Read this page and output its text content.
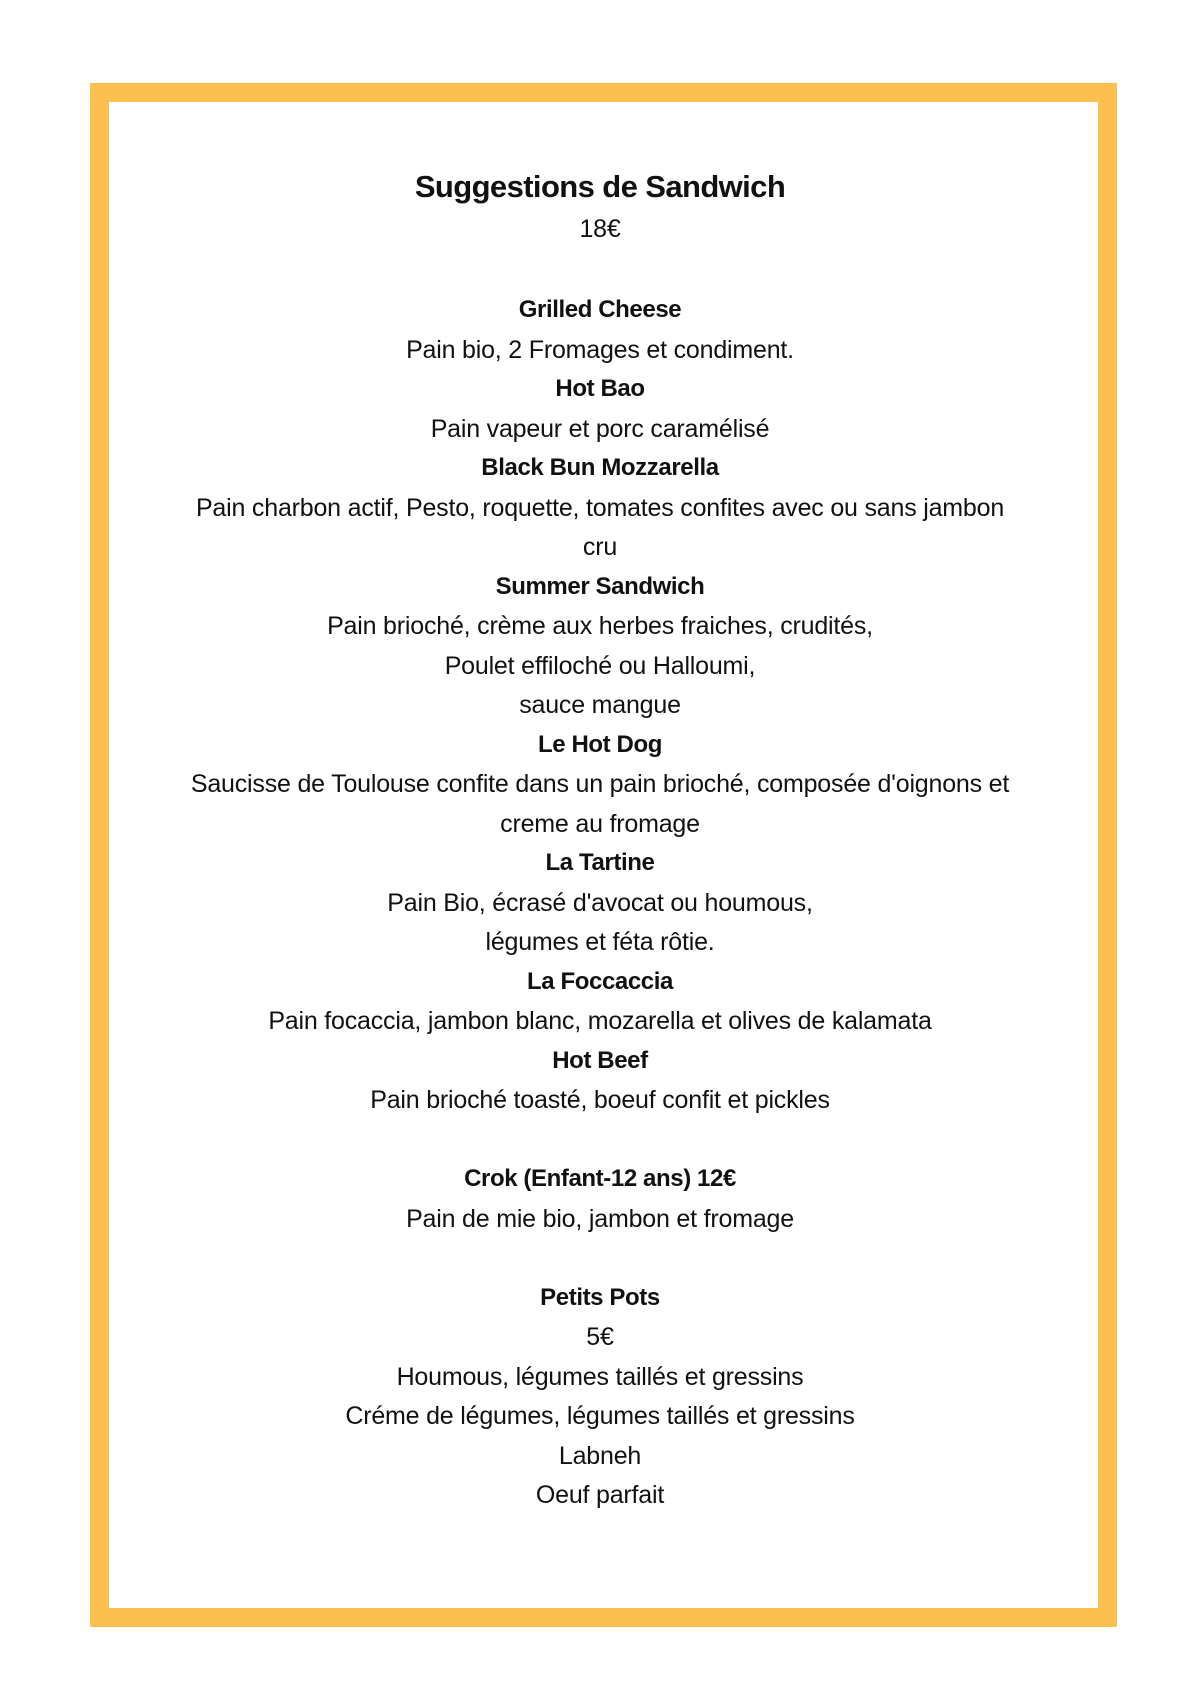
Suggestions de Sandwich
18€
Grilled Cheese
Pain bio, 2 Fromages et condiment.
Hot Bao
Pain vapeur et porc caramélisé
Black Bun Mozzarella
Pain charbon actif, Pesto, roquette, tomates confites avec ou sans jambon
cru
Summer Sandwich
Pain brioché, crème aux herbes fraiches, crudités,
Poulet effiloché ou Halloumi,
sauce mangue
Le Hot Dog
Saucisse de Toulouse confite dans un pain brioché, composée d'oignons et
creme au fromage
La Tartine
Pain Bio, écrasé d'avocat ou houmous,
légumes et féta rôtie.
La Foccaccia
Pain focaccia, jambon blanc, mozarella et olives de kalamata
Hot Beef
Pain brioché toasté, boeuf confit et pickles
Crok (Enfant-12 ans) 12€
Pain de mie bio, jambon et fromage
Petits Pots
5€
Houmous, légumes taillés et gressins
Créme de légumes, légumes taillés et gressins
Labneh
Oeuf parfait
